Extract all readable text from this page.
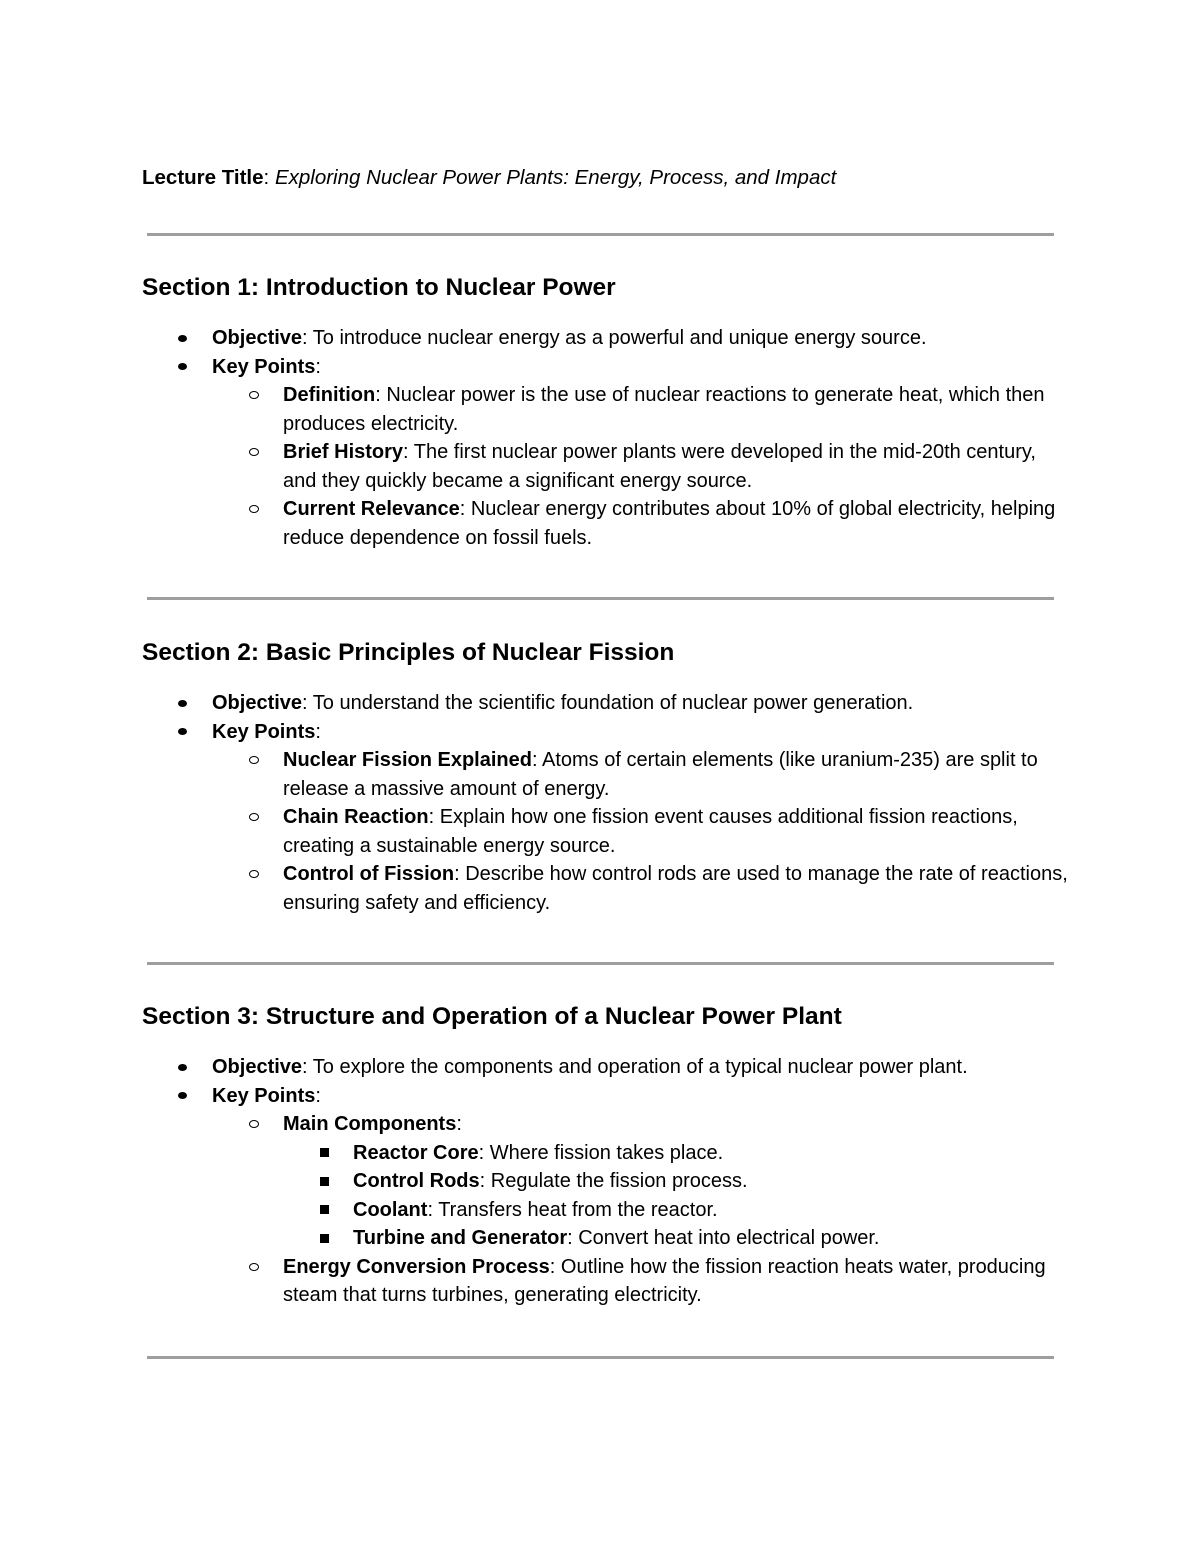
Lecture Title: Exploring Nuclear Power Plants: Energy, Process, and Impact
Section 1: Introduction to Nuclear Power
Objective: To introduce nuclear energy as a powerful and unique energy source.
Key Points:
Definition: Nuclear power is the use of nuclear reactions to generate heat, which then produces electricity.
Brief History: The first nuclear power plants were developed in the mid-20th century, and they quickly became a significant energy source.
Current Relevance: Nuclear energy contributes about 10% of global electricity, helping reduce dependence on fossil fuels.
Section 2: Basic Principles of Nuclear Fission
Objective: To understand the scientific foundation of nuclear power generation.
Key Points:
Nuclear Fission Explained: Atoms of certain elements (like uranium-235) are split to release a massive amount of energy.
Chain Reaction: Explain how one fission event causes additional fission reactions, creating a sustainable energy source.
Control of Fission: Describe how control rods are used to manage the rate of reactions, ensuring safety and efficiency.
Section 3: Structure and Operation of a Nuclear Power Plant
Objective: To explore the components and operation of a typical nuclear power plant.
Key Points:
Main Components:
Reactor Core: Where fission takes place.
Control Rods: Regulate the fission process.
Coolant: Transfers heat from the reactor.
Turbine and Generator: Convert heat into electrical power.
Energy Conversion Process: Outline how the fission reaction heats water, producing steam that turns turbines, generating electricity.
